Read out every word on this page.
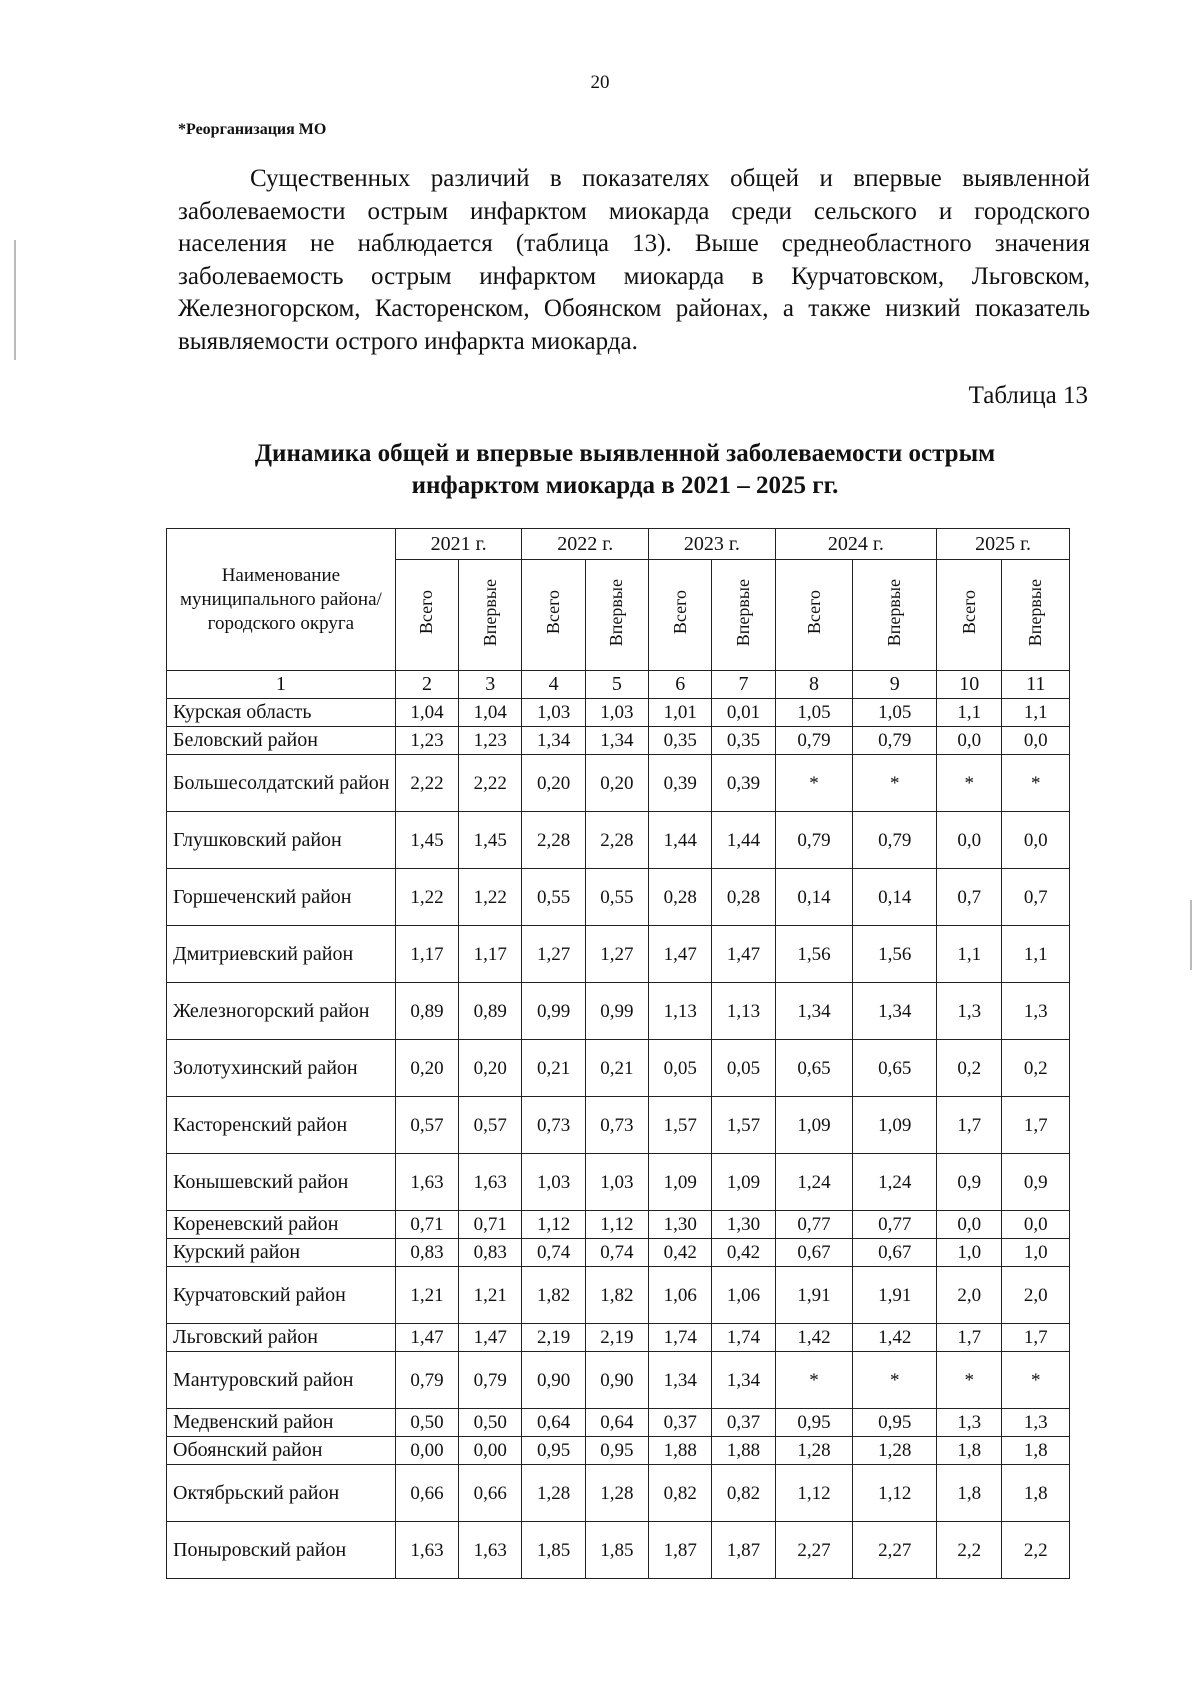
20
*Реорганизация МО

Существенных различий в показателях общей и впервые выявленной заболеваемости острым инфарктом миокарда среди сельского и городского населения не наблюдается (таблица 13). Выше среднеобластного значения заболеваемость острым инфарктом миокарда в Курчатовском, Льговском, Железногорском, Касторенском, Обоянском районах, а также низкий показатель выявляемости острого инфаркта миокарда.

Таблица 13
Динамика общей и впервые выявленной заболеваемости острым
инфарктом миокарда в 2021 – 2025 гг.
Наименование муниципального района/городского округа	2021 г.		2022 г.		2023 г.		2024 г.		2025 г.	
	Всего	Впервые	Всего	Впервые	Всего	Впервые	Всего	Впервые	Всего	Впервые
1	2	3	4	5	6	7	8	9	10	11
Курская область	1,04	1,04	1,03	1,03	1,01	0,01	1,05	1,05	1,1	1,1
Беловский район	1,23	1,23	1,34	1,34	0,35	0,35	0,79	0,79	0,0	0,0
Большесолдатский район	2,22	2,22	0,20	0,20	0,39	0,39	*	*	*	*
Глушковский район	1,45	1,45	2,28	2,28	1,44	1,44	0,79	0,79	0,0	0,0
Горшеченский район	1,22	1,22	0,55	0,55	0,28	0,28	0,14	0,14	0,7	0,7
Дмитриевский район	1,17	1,17	1,27	1,27	1,47	1,47	1,56	1,56	1,1	1,1
Железногорский район	0,89	0,89	0,99	0,99	1,13	1,13	1,34	1,34	1,3	1,3
Золотухинский район	0,20	0,20	0,21	0,21	0,05	0,05	0,65	0,65	0,2	0,2
Касторенский район	0,57	0,57	0,73	0,73	1,57	1,57	1,09	1,09	1,7	1,7
Конышевский район	1,63	1,63	1,03	1,03	1,09	1,09	1,24	1,24	0,9	0,9
Кореневский район	0,71	0,71	1,12	1,12	1,30	1,30	0,77	0,77	0,0	0,0
Курский район	0,83	0,83	0,74	0,74	0,42	0,42	0,67	0,67	1,0	1,0
Курчатовский район	1,21	1,21	1,82	1,82	1,06	1,06	1,91	1,91	2,0	2,0
Льговский район	1,47	1,47	2,19	2,19	1,74	1,74	1,42	1,42	1,7	1,7
Мантуровский район	0,79	0,79	0,90	0,90	1,34	1,34	*	*	*	*
Медвенский район	0,50	0,50	0,64	0,64	0,37	0,37	0,95	0,95	1,3	1,3
Обоянский район	0,00	0,00	0,95	0,95	1,88	1,88	1,28	1,28	1,8	1,8
Октябрьский район	0,66	0,66	1,28	1,28	0,82	0,82	1,12	1,12	1,8	1,8
Поныровский район	1,63	1,63	1,85	1,85	1,87	1,87	2,27	2,27	2,2	2,2
